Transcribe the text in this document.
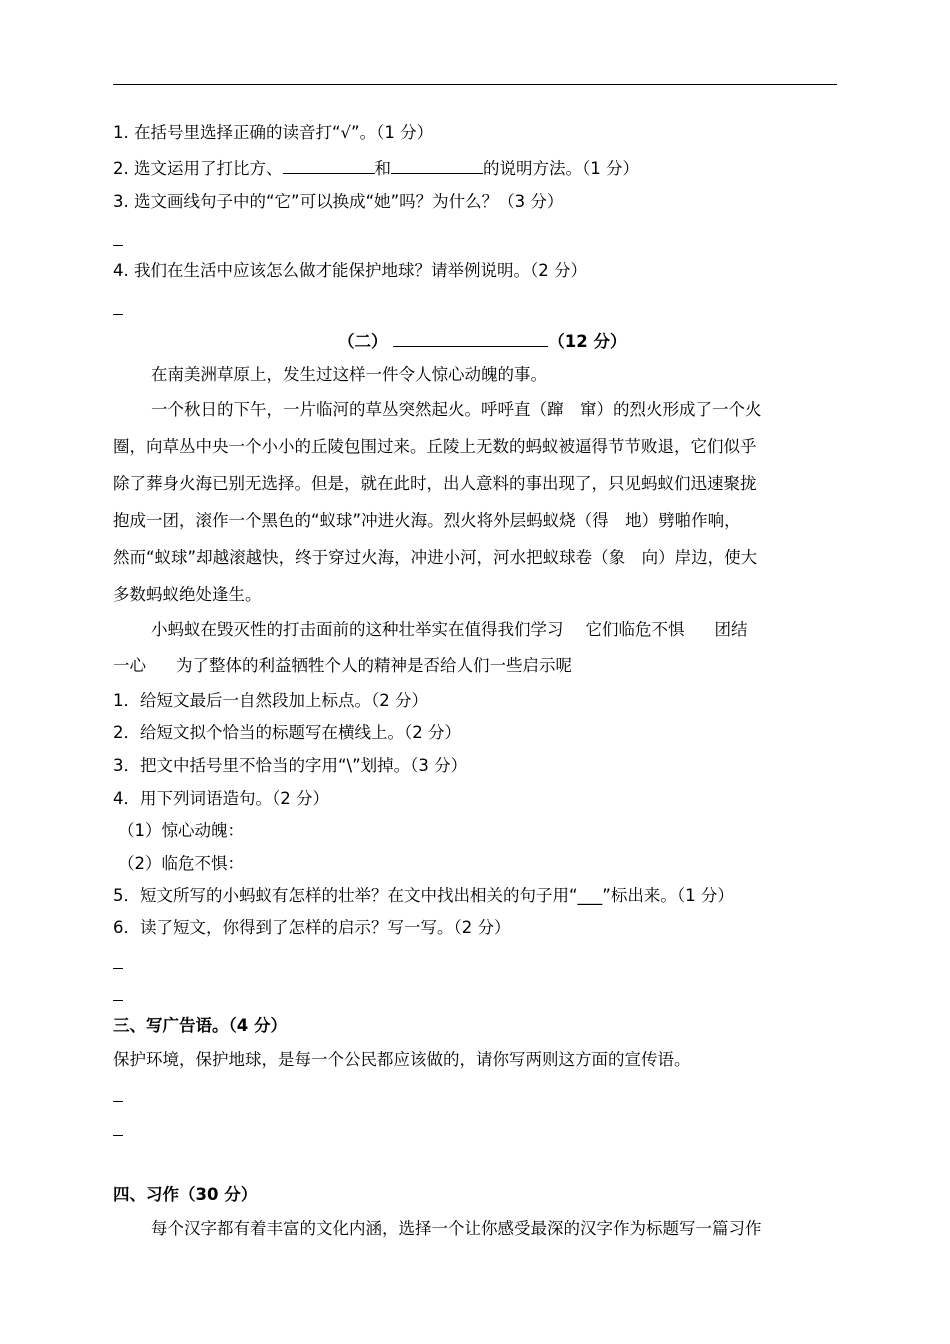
1. 在括号里选择正确的读音打“√”。（1 分）
2. 选文运用了打比方、	和	的说明方法。（1 分）
3. 选文画线句子中的“它”可以换成“她”吗？为什么？（3 分）
4. 我们在生活中应该怎么做才能保护地球？请举例说明。（2 分）
（二）	（12 分）
在南美洲草原上，发生过这样一件令人惊心动魄的事。
一个秋日的下午，一片临河的草丛突然起火。呼呼直（蹿　窜）的烈火形成了一个火
圈，向草丛中央一个小小的丘陵包围过来。丘陵上无数的蚂蚁被逼得节节败退，它们似乎
除了葬身火海已别无选择。但是，就在此时，出人意料的事出现了，只见蚂蚁们迅速聚拢
抱成一团，滚作一个黑色的“蚁球”冲进火海。烈火将外层蚂蚁烧（得　地）劈啪作响，
然而“蚁球”却越滚越快，终于穿过火海，冲进小河，河水把蚁球卷（象　向）岸边，使大
多数蚂蚁绝处逢生。
小蚂蚁在毁灭性的打击面前的这种壮举实在值得我们学习 它们临危不惧 团结
一心 为了整体的利益牺牲个人的精神是否给人们一些启示呢
1．给短文最后一自然段加上标点。（2 分）
2．给短文拟个恰当的标题写在横线上。（2 分）
3．把文中括号里不恰当的字用“\”划掉。（3 分）
4．用下列词语造句。（2 分）
（1）惊心动魄：
（2）临危不惧：
5．短文所写的小蚂蚁有怎样的壮举？在文中找出相关的句子用“___”标出来。（1 分）
6．读了短文，你得到了怎样的启示？写一写。（2 分）
三、写广告语。（4 分）
保护环境，保护地球，是每一个公民都应该做的，请你写两则这方面的宣传语。
四、习作（30 分）
每个汉字都有着丰富的文化内涵，选择一个让你感受最深的汉字作为标题写一篇习作
